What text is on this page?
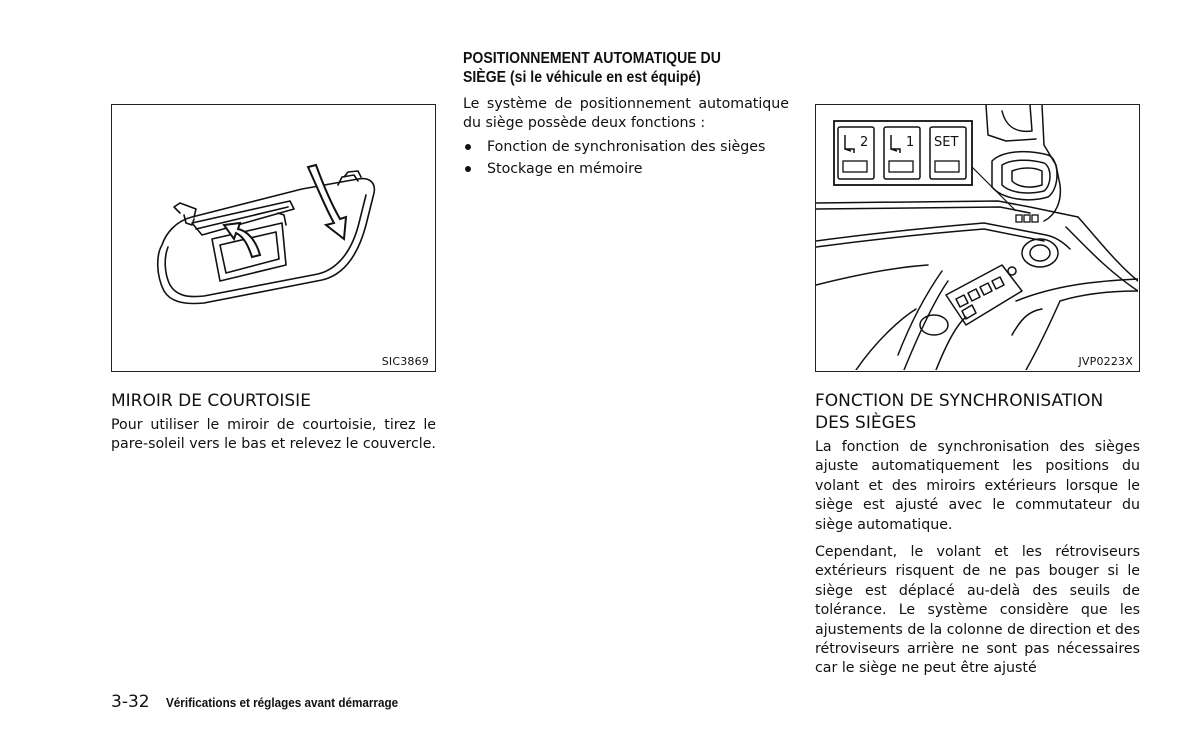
SIC3869
MIROIR DE COURTOISIE

Pour utiliser le miroir de courtoisie, tirez le pare-soleil vers le bas et relevez le couvercle.

POSITIONNEMENT AUTOMATIQUE DU
SIÈGE (si le véhicule en est équipé)

Le système de positionnement automatique du siège possède deux fonctions :

Fonction de synchronisation des sièges
Stockage en mémoire
2	1 SET
JVP0223X
FONCTION DE SYNCHRONISATION
DES SIÈGES

La fonction de synchronisation des sièges ajuste automatiquement les positions du volant et des miroirs extérieurs lorsque le siège est ajusté avec le commutateur du siège automatique.

Cependant, le volant et les rétroviseurs extérieurs risquent de ne pas bouger si le siège est déplacé au-delà des seuils de tolérance. Le système considère que les ajustements de la colonne de direction et des rétroviseurs arrière ne sont pas nécessaires car le siège ne peut être ajusté

3-32 Vérifications et réglages avant démarrage
